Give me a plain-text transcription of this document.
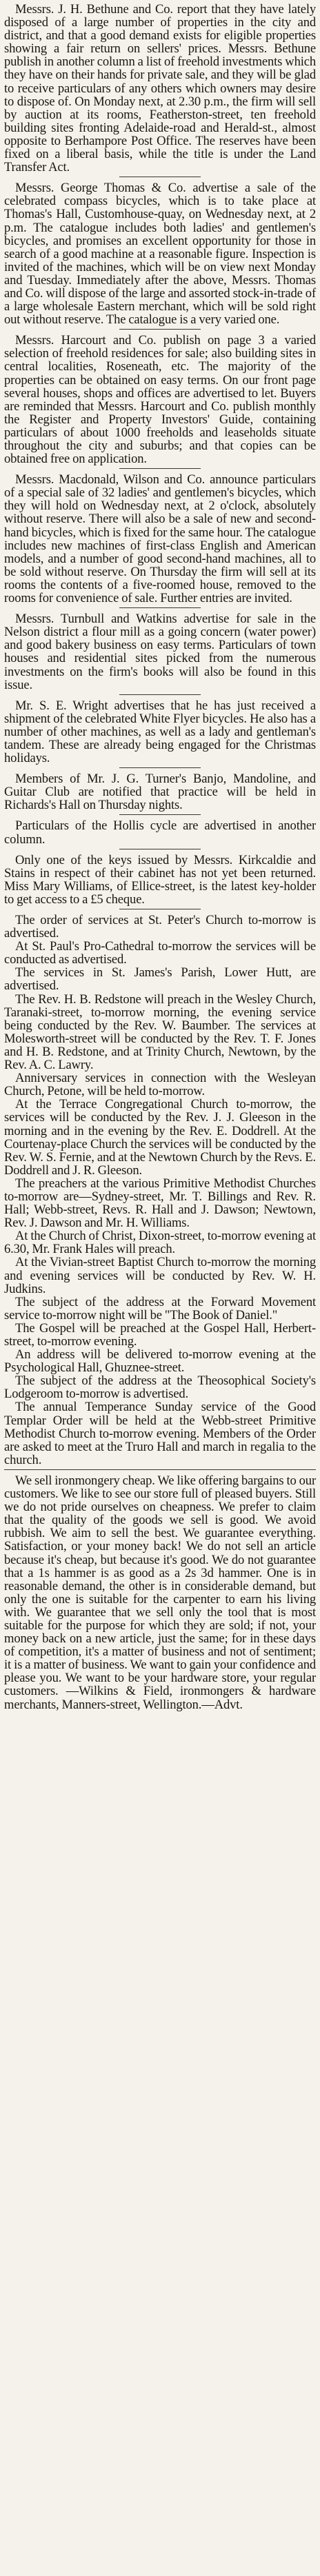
Messrs. J. H. Bethune and Co. report that they have lately disposed of a large number of properties in the city and district, and that a good demand exists for eligible properties showing a fair return on sellers' prices. Messrs. Bethune publish in another column a list of freehold investments which they have on their hands for private sale, and they will be glad to receive particulars of any others which owners may desire to dispose of. On Monday next, at 2.30 p.m., the firm will sell by auction at its rooms, Featherston-street, ten freehold building sites fronting Adelaide-road and Herald-st., almost opposite to Berhampore Post Office. The reserves have been fixed on a liberal basis, while the title is under the Land Transfer Act.

Messrs. George Thomas & Co. advertise a sale of the celebrated compass bicycles, which is to take place at Thomas's Hall, Customhouse-quay, on Wednesday next, at 2 p.m. The catalogue includes both ladies' and gentlemen's bicycles, and promises an excellent opportunity for those in search of a good machine at a reasonable figure. Inspection is invited of the machines, which will be on view next Monday and Tuesday. Immediately after the above, Messrs. Thomas and Co. will dispose of the large and assorted stock-in-trade of a large wholesale Eastern merchant, which will be sold right out without reserve. The catalogue is a very varied one.

Messrs. Harcourt and Co. publish on page 3 a varied selection of freehold residences for sale; also building sites in central localities, Roseneath, etc. The majority of the properties can be obtained on easy terms. On our front page several houses, shops and offices are advertised to let. Buyers are reminded that Messrs. Harcourt and Co. publish monthly the Register and Property Investors' Guide, containing particulars of about 1000 freeholds and leaseholds situate throughout the city and suburbs; and that copies can be obtained free on application.

Messrs. Macdonald, Wilson and Co. announce particulars of a special sale of 32 ladies' and gentlemen's bicycles, which they will hold on Wednesday next, at 2 o'clock, absolutely without reserve. There will also be a sale of new and second-hand bicycles, which is fixed for the same hour. The catalogue includes new machines of first-class English and American models, and a number of good second-hand machines, all to be sold without reserve. On Thursday the firm will sell at its rooms the contents of a five-roomed house, removed to the rooms for convenience of sale. Further entries are invited.

Messrs. Turnbull and Watkins advertise for sale in the Nelson district a flour mill as a going concern (water power) and good bakery business on easy terms. Particulars of town houses and residential sites picked from the numerous investments on the firm's books will also be found in this issue.

Mr. S. E. Wright advertises that he has just received a shipment of the celebrated White Flyer bicycles. He also has a number of other machines, as well as a lady and gentleman's tandem. These are already being engaged for the Christmas holidays.

Members of Mr. J. G. Turner's Banjo, Mandoline, and Guitar Club are notified that practice will be held in Richards's Hall on Thursday nights.

Particulars of the Hollis cycle are advertised in another column.

Only one of the keys issued by Messrs. Kirkcaldie and Stains in respect of their cabinet has not yet been returned. Miss Mary Williams, of Ellice-street, is the latest key-holder to get access to a £5 cheque.

The order of services at St. Peter's Church to-morrow is advertised.

At St. Paul's Pro-Cathedral to-morrow the services will be conducted as advertised.

The services in St. James's Parish, Lower Hutt, are advertised.

The Rev. H. B. Redstone will preach in the Wesley Church, Taranaki-street, to-morrow morning, the evening service being conducted by the Rev. W. Baumber. The services at Molesworth-street will be conducted by the Rev. T. F. Jones and H. B. Redstone, and at Trinity Church, Newtown, by the Rev. A. C. Lawry.

Anniversary services in connection with the Wesleyan Church, Petone, will be held to-morrow.

At the Terrace Congregational Church to-morrow, the services will be conducted by the Rev. J. J. Gleeson in the morning and in the evening by the Rev. E. Doddrell. At the Courtenay-place Church the services will be conducted by the Rev. W. S. Fernie, and at the Newtown Church by the Revs. E. Doddrell and J. R. Gleeson.

The preachers at the various Primitive Methodist Churches to-morrow are—Sydney-street, Mr. T. Billings and Rev. R. Hall; Webb-street, Revs. R. Hall and J. Dawson; Newtown, Rev. J. Dawson and Mr. H. Williams.

At the Church of Christ, Dixon-street, to-morrow evening at 6.30, Mr. Frank Hales will preach.

At the Vivian-street Baptist Church to-morrow the morning and evening services will be conducted by Rev. W. H. Judkins.

The subject of the address at the Forward Movement service to-morrow night will be "The Book of Daniel."

The Gospel will be preached at the Gospel Hall, Herbert-street, to-morrow evening.

An address will be delivered to-morrow evening at the Psychological Hall, Ghuznee-street.

The subject of the address at the Theosophical Society's Lodgeroom to-morrow is advertised.

The annual Temperance Sunday service of the Good Templar Order will be held at the Webb-street Primitive Methodist Church to-morrow evening. Members of the Order are asked to meet at the Truro Hall and march in regalia to the church.

We sell ironmongery cheap. We like offering bargains to our customers. We like to see our store full of pleased buyers. Still we do not pride ourselves on cheapness. We prefer to claim that the quality of the goods we sell is good. We avoid rubbish. We aim to sell the best. We guarantee everything. Satisfaction, or your money back! We do not sell an article because it's cheap, but because it's good. We do not guarantee that a 1s hammer is as good as a 2s 3d hammer. One is in reasonable demand, the other is in considerable demand, but only the one is suitable for the carpenter to earn his living with. We guarantee that we sell only the tool that is most suitable for the purpose for which they are sold; if not, your money back on a new article, just the same; for in these days of competition, it's a matter of business and not of sentiment; it is a matter of business. We want to gain your confidence and please you. We want to be your hardware store, your regular customers. —Wilkins & Field, ironmongers & hardware merchants, Manners-street, Wellington.—Advt.
